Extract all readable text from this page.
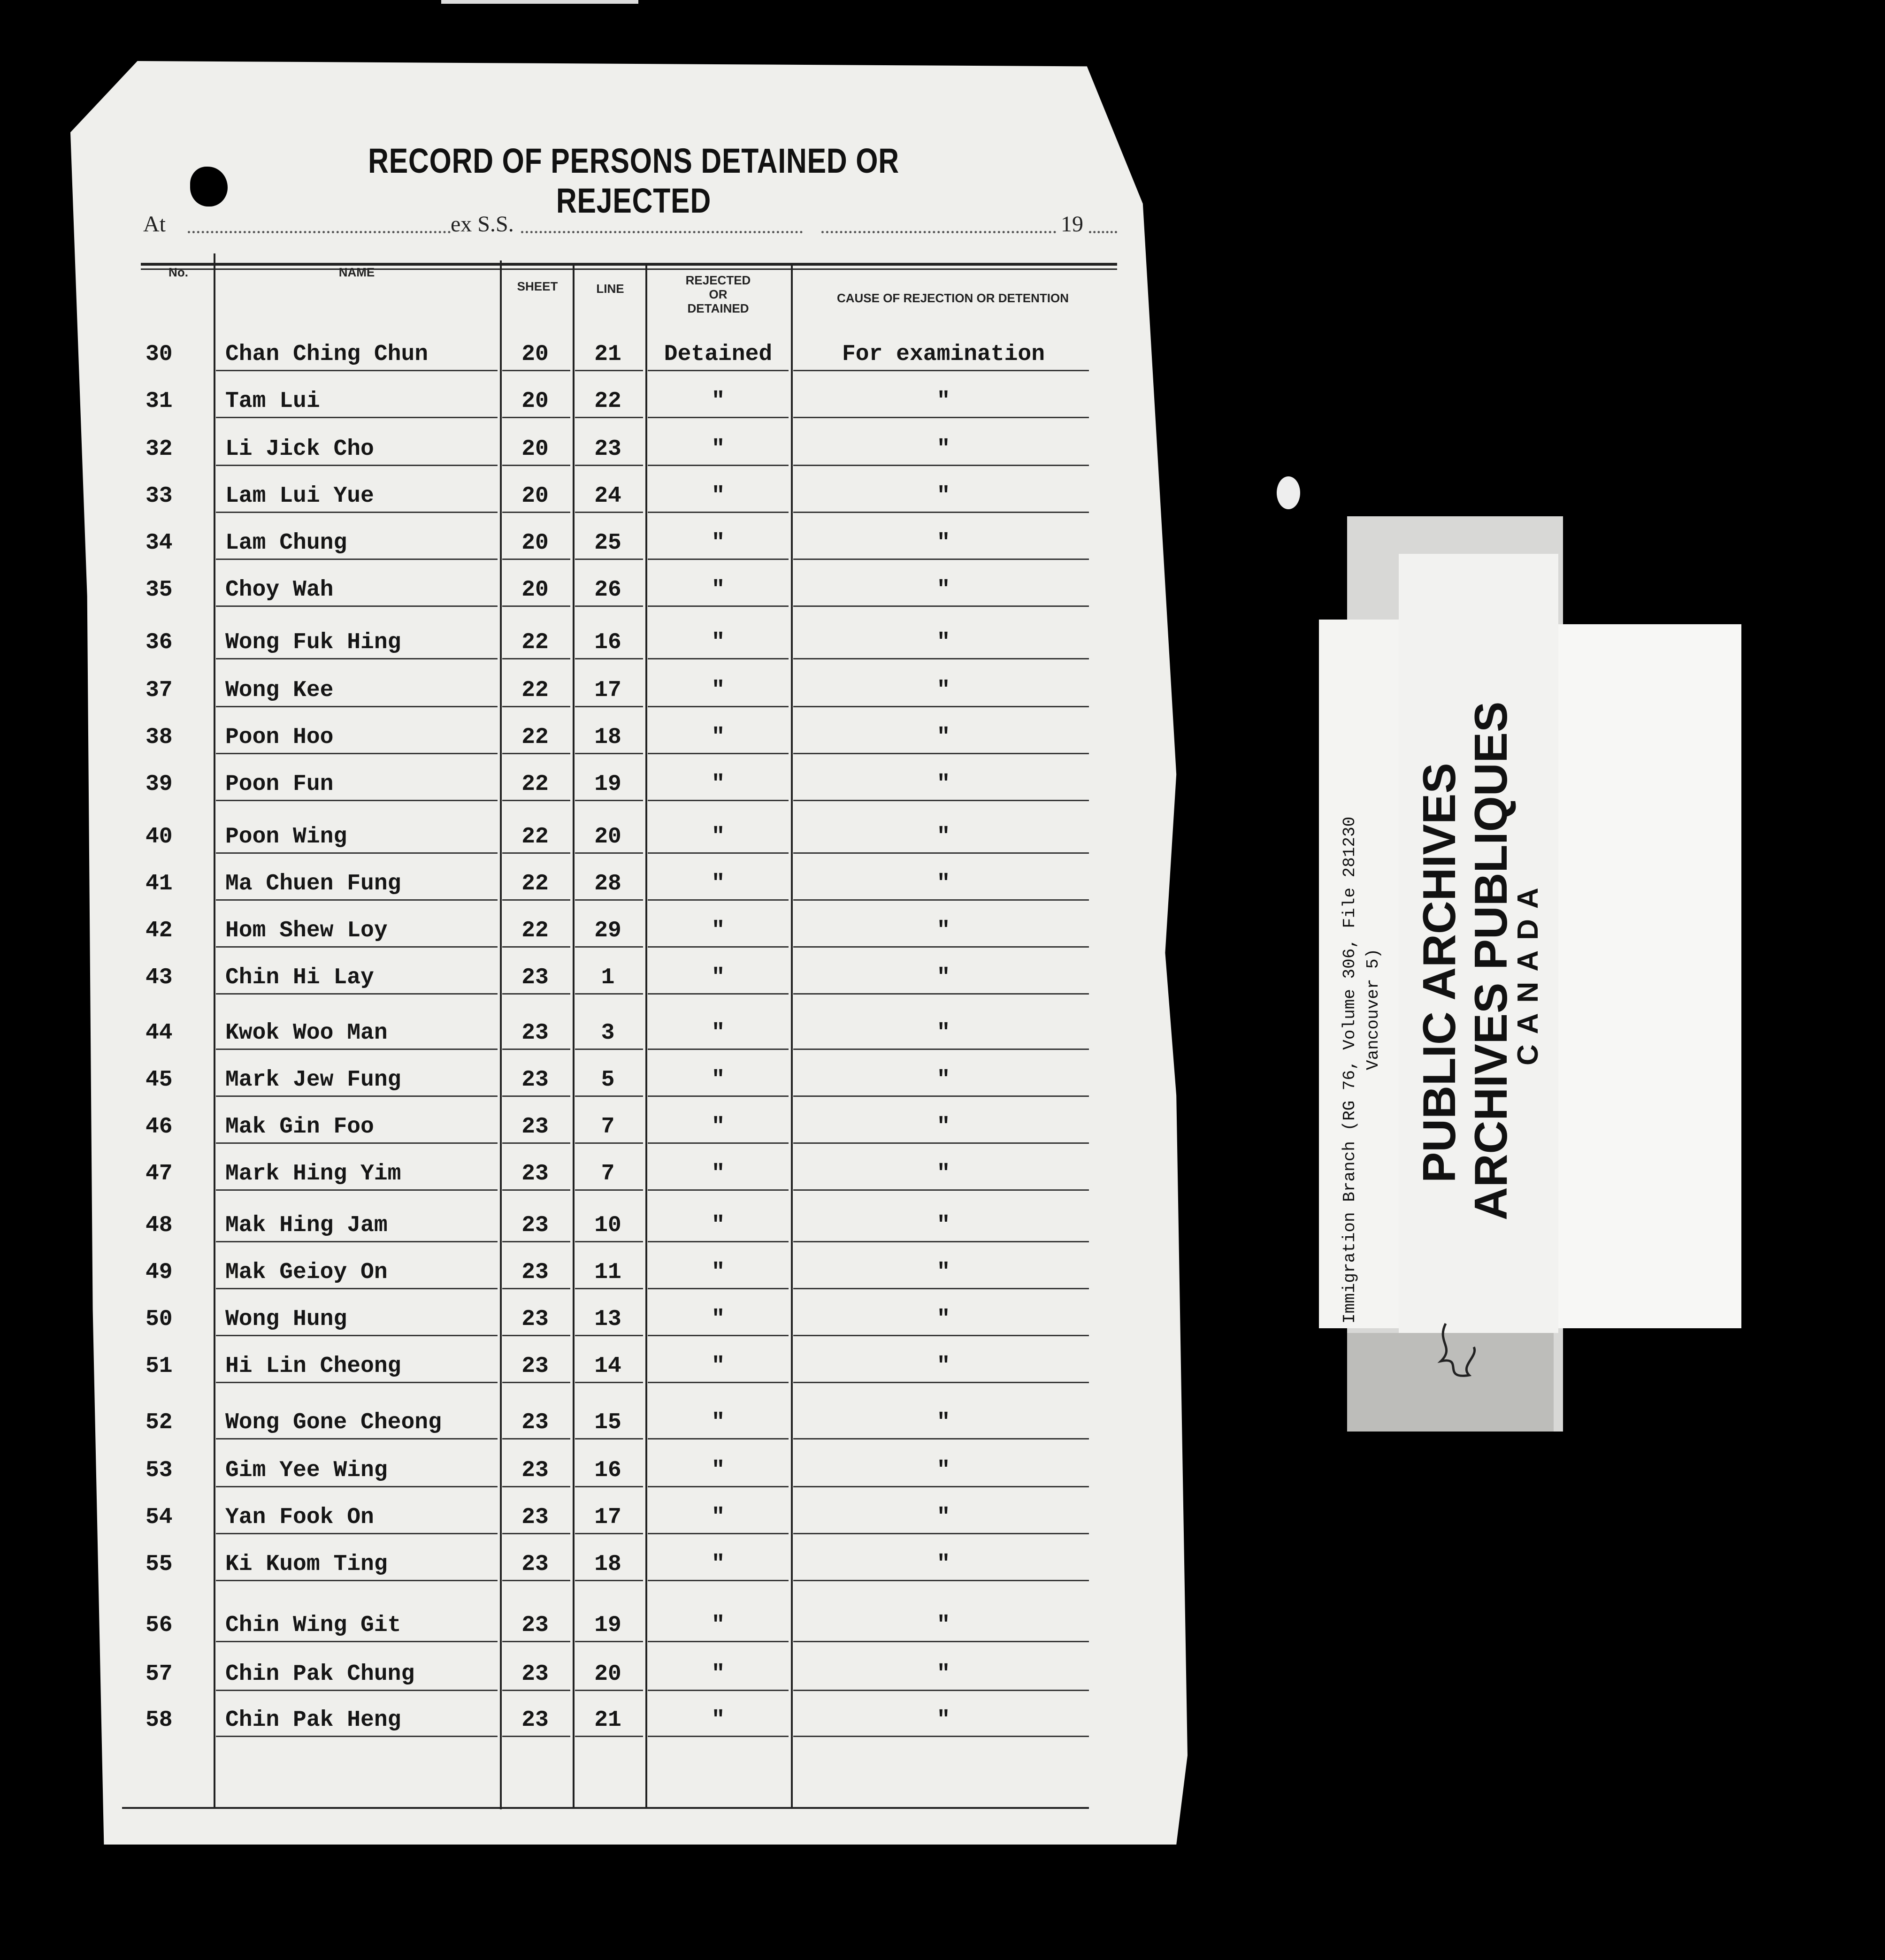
RECORD OF PERSONS DETAINED OR REJECTED
At	ex S.S.	19
No.	NAME
SHEET	LINE
REJECTED
OR
DETAINED
CAUSE OF REJECTION OR DETENTION
30	Chan Ching Chun	20	21	Detained	For examination
31	Tam Lui	20	22	"	"
32	Li Jick Cho	20	23	"	"
33	Lam Lui Yue	20	24	"	"
34	Lam Chung	20	25	"	"
35	Choy Wah	20	26	"	"
36	Wong Fuk Hing	22	16	"	"
37	Wong Kee	22	17	"	"
38	Poon Hoo	22	18	"	"
39	Poon Fun	22	19	"	"
40	Poon Wing	22	20	"	"
41	Ma Chuen Fung	22	28	"	"
42	Hom Shew Loy	22	29	"	"
43	Chin Hi Lay	23	1	"	"
44	Kwok Woo Man	23	3	"	"
45	Mark Jew Fung	23	5	"	"
46	Mak Gin Foo	23	7	"	"
47	Mark Hing Yim	23	7	"	"
48	Mak Hing Jam	23	10	"	"
49	Mak Geioy On	23	11	"	"
50	Wong Hung	23	13	"	"
51	Hi Lin Cheong	23	14	"	"
52	Wong Gone Cheong	23	15	"	"
53	Gim Yee Wing	23	16	"	"
54	Yan Fook On	23	17	"	"
55	Ki Kuom Ting	23	18	"	"
56	Chin Wing Git	23	19	"	"
57	Chin Pak Chung	23	20	"	"
58	Chin Pak Heng	23	21	"	"
Immigration Branch (RG 76, Volume 306, File 281230 Vancouver 5) PUBLIC ARCHIVES ARCHIVES PUBLIQUES
CANADA
